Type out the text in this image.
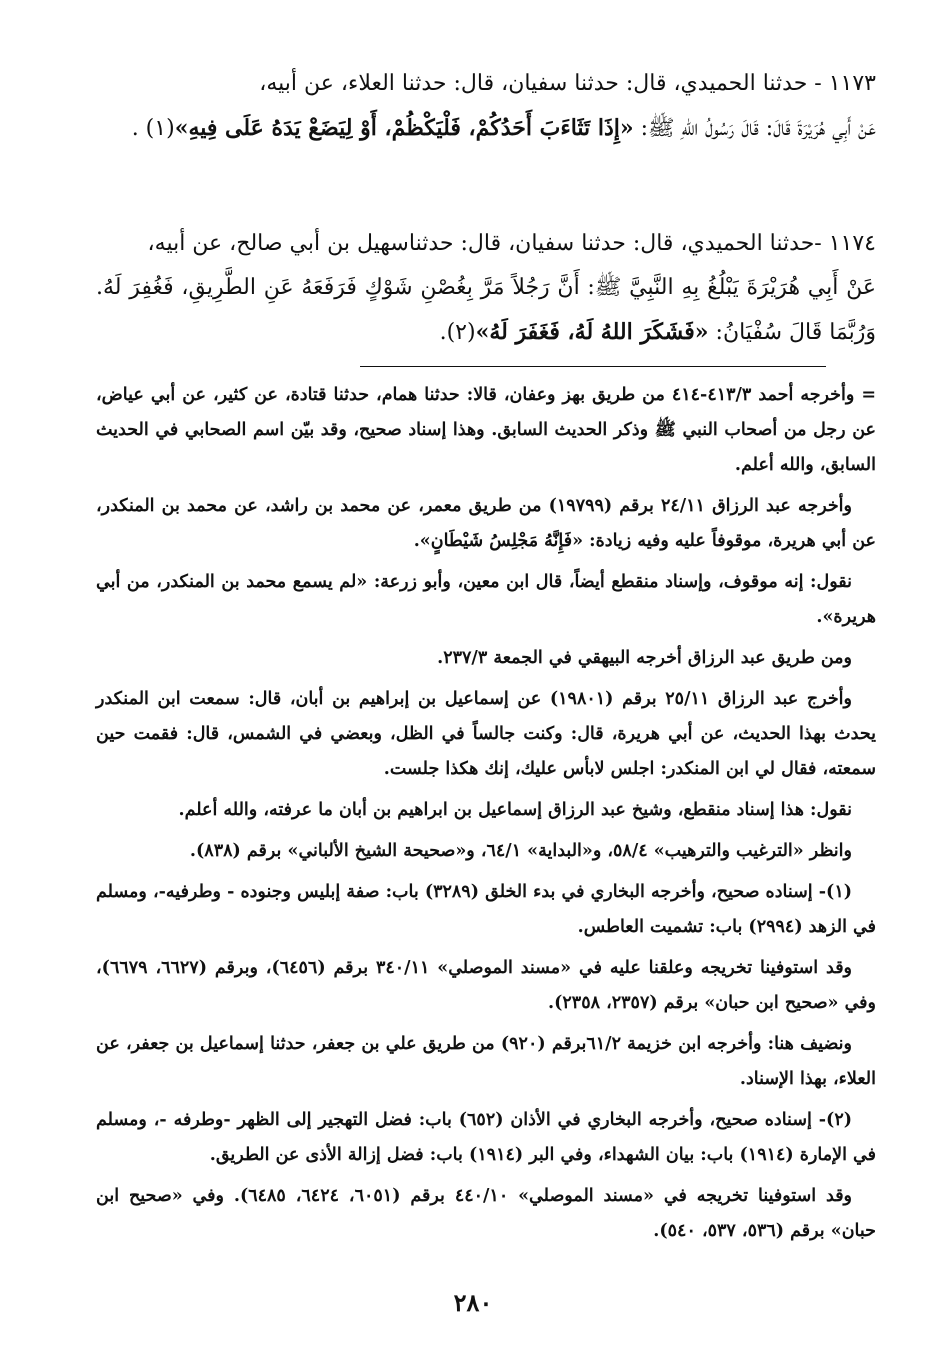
١١٧٣ - حدثنا الحميدي، قال: حدثنا سفيان، قال: حدثنا العلاء، عن أبيه،

عَنْ أَبِي هُرَيْرَةَ قَالَ: قَالَ رَسُولُ اللهِ ﷺ: «إِذَا تَثَاءَبَ أَحَدُكُمْ، فَلْيَكْظُمْ، أَوْ لِيَضَعْ يَدَهُ عَلَى فِيهِ»(١) .

١١٧٤ -حدثنا الحميدي، قال: حدثنا سفيان، قال: حدثناسهيل بن أبي صالح، عن أبيه،

عَنْ أَبِي هُرَيْرَةَ يَبْلُغُ بِهِ النَّبِيَّ ﷺ: أَنَّ رَجُلاً مَرَّ بِغُصْنِ شَوْكٍ فَرَفَعَهُ عَنِ الطَّرِيقِ، فَغُفِرَ لَهُ. وَرُبَّمَا قَالَ سُفْيَانُ: «فَشَكَرَ اللهُ لَهُ، فَغَفَرَ لَهُ»(٢).

= وأخرجه أحمد ٤١٣/٣-٤١٤ من طريق بهز وعفان، قالا: حدثنا همام، حدثنا قتادة، عن كثير، عن أبي عياض، عن رجل من أصحاب النبي ﷺ وذكر الحديث السابق. وهذا إسناد صحيح، وقد بيّن اسم الصحابي في الحديث السابق، والله أعلم.

وأخرجه عبد الرزاق ٢٤/١١ برقم (١٩٧٩٩) من طريق معمر، عن محمد بن راشد، عن محمد بن المنكدر، عن أبي هريرة، موقوفاً عليه وفيه زيادة: «فَإِنَّهُ مَجْلِسُ شَيْطَانٍ».

نقول: إنه موقوف، وإسناد منقطع أيضاً، قال ابن معين، وأبو زرعة: «لم يسمع محمد بن المنكدر، من أبي هريرة».

ومن طريق عبد الرزاق أخرجه البيهقي في الجمعة ٢٣٧/٣.

وأخرج عبد الرزاق ٢٥/١١ برقم (١٩٨٠١) عن إسماعيل بن إبراهيم بن أبان، قال: سمعت ابن المنكدر يحدث بهذا الحديث، عن أبي هريرة، قال: وكنت جالساً في الظل، وبعضي في الشمس، قال: فقمت حين سمعته، فقال لي ابن المنكدر: اجلس لابأس عليك، إنك هكذا جلست.

نقول: هذا إسناد منقطع، وشيخ عبد الرزاق إسماعيل بن ابراهيم بن أبان ما عرفته، والله أعلم.

وانظر «الترغيب والترهيب» ٥٨/٤، و«البداية» ٦٤/١، و«صحيحة الشيخ الألباني» برقم (٨٣٨).

(١)- إسناده صحيح، وأخرجه البخاري في بدء الخلق (٣٢٨٩) باب: صفة إبليس وجنوده - وطرفيه-، ومسلم في الزهد (٢٩٩٤) باب: تشميت العاطس.

وقد استوفينا تخريجه وعلقنا عليه في «مسند الموصلي» ٣٤٠/١١ برقم (٦٤٥٦)، وبرقم (٦٦٢٧، ٦٦٧٩)، وفي «صحيح ابن حبان» برقم (٢٣٥٧، ٢٣٥٨).

ونضيف هنا: وأخرجه ابن خزيمة ٦١/٢برقم (٩٢٠) من طريق علي بن جعفر، حدثنا إسماعيل بن جعفر، عن العلاء، بهذا الإسناد.

(٢)- إسناده صحيح، وأخرجه البخاري في الأذان (٦٥٢) باب: فضل التهجير إلى الظهر -وطرفه -، ومسلم في الإمارة (١٩١٤) باب: بيان الشهداء، وفي البر (١٩١٤) باب: فضل إزالة الأذى عن الطريق.

وقد استوفينا تخريجه في «مسند الموصلي» ٤٤٠/١٠ برقم (٦٠٥١، ٦٤٢٤، ٦٤٨٥). وفي «صحيح ابن حبان» برقم (٥٣٦، ٥٣٧، ٥٤٠).

٢٨٠
